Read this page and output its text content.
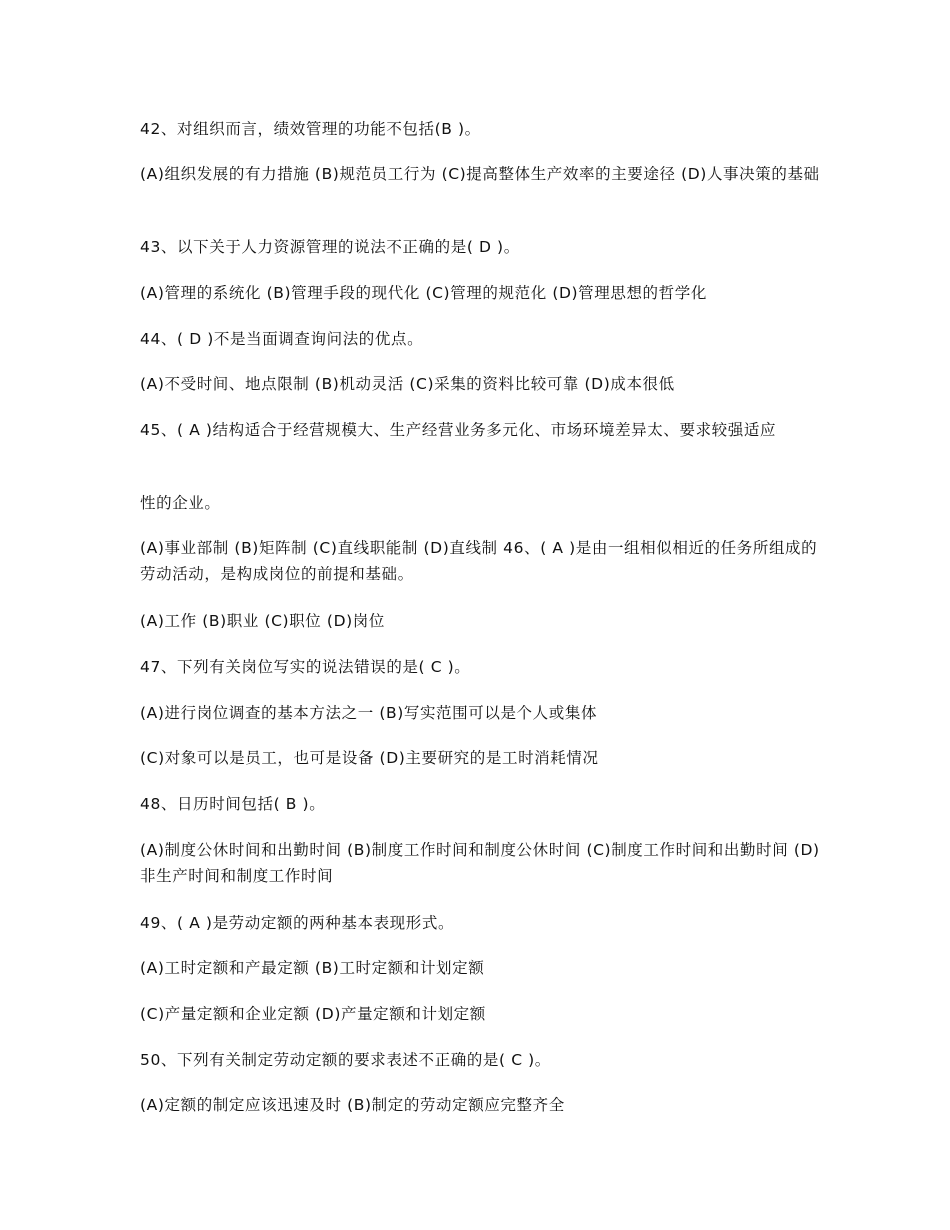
42、对组织而言，绩效管理的功能不包括(B )。
(A)组织发展的有力措施 (B)规范员工行为 (C)提高整体生产效率的主要途径 (D)人事决策的基础
43、以下关于人力资源管理的说法不正确的是( D )。
(A)管理的系统化 (B)管理手段的现代化 (C)管理的规范化 (D)管理思想的哲学化
44、( D )不是当面调查询问法的优点。
(A)不受时间、地点限制 (B)机动灵活 (C)采集的资料比较可靠 (D)成本很低
45、( A )结构适合于经营规模大、生产经营业务多元化、市场环境差异太、要求较强适应
性的企业。
(A)事业部制 (B)矩阵制 (C)直线职能制 (D)直线制 46、( A )是由一组相似相近的任务所组成的劳动活动，是构成岗位的前提和基础。
(A)工作 (B)职业 (C)职位 (D)岗位
47、下列有关岗位写实的说法错误的是( C )。
(A)进行岗位调查的基本方法之一 (B)写实范围可以是个人或集体
(C)对象可以是员工，也可是设备 (D)主要研究的是工时消耗情况
48、日历时间包括( B )。
(A)制度公休时间和出勤时间 (B)制度工作时间和制度公休时间 (C)制度工作时间和出勤时间 (D)非生产时间和制度工作时间
49、( A )是劳动定额的两种基本表现形式。
(A)工时定额和产最定额 (B)工时定额和计划定额
(C)产量定额和企业定额 (D)产量定额和计划定额
50、下列有关制定劳动定额的要求表述不正确的是( C )。
(A)定额的制定应该迅速及时 (B)制定的劳动定额应完整齐全
